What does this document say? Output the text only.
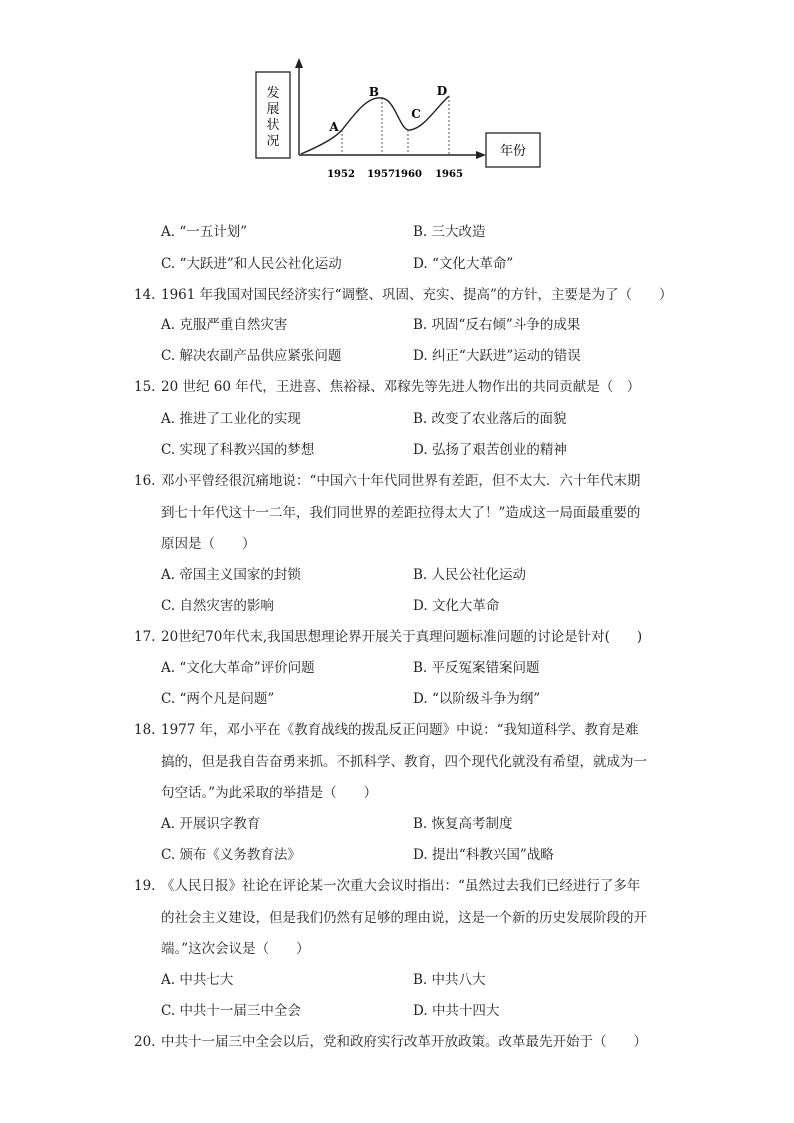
发
展
状
况
年份
A
B
C
D
1952 1957 1960 1965
A. “一五计划”	B. 三大改造
C. “大跃进”和人民公社化运动	D. “文化大革命”
14. 1961 年我国对国民经济实行“调整、巩固、充实、提高”的方针，主要是为了（　　）
A. 克服严重自然灾害	B. 巩固“反右倾”斗争的成果
C. 解决农副产品供应紧张问题	D. 纠正“大跃进”运动的错误
15. 20 世纪 60 年代，王进喜、焦裕禄、邓稼先等先进人物作出的共同贡献是（　）
A. 推进了工业化的实现	B. 改变了农业落后的面貌
C. 实现了科教兴国的梦想	D. 弘扬了艰苦创业的精神
16. 邓小平曾经很沉痛地说：“中国六十年代同世界有差距，但不太大．六十年代末期
到七十年代这十一二年，我们同世界的差距拉得太大了！”造成这一局面最重要的
原因是（　　）
A. 帝国主义国家的封锁	B. 人民公社化运动
C. 自然灾害的影响	D. 文化大革命
17. 20世纪70年代末,我国思想理论界开展关于真理问题标准问题的讨论是针对(　　)
A. “文化大革命”评价问题	B. 平反冤案错案问题
C. “两个凡是问题”	D. “以阶级斗争为纲”
18. 1977 年，邓小平在《教育战线的拨乱反正问题》中说：“我知道科学、教育是难
搞的，但是我自告奋勇来抓。不抓科学、教育，四个现代化就没有希望，就成为一
句空话。”为此采取的举措是（　　）
A. 开展识字教育	B. 恢复高考制度
C. 颁布《义务教育法》	D. 提出“科教兴国”战略
19. 《人民日报》社论在评论某一次重大会议时指出：“虽然过去我们已经进行了多年
的社会主义建设，但是我们仍然有足够的理由说，这是一个新的历史发展阶段的开
端。”这次会议是（　　）
A. 中共七大	B. 中共八大
C. 中共十一届三中全会	D. 中共十四大
20. 中共十一届三中全会以后，党和政府实行改革开放政策。改革最先开始于（　　）
